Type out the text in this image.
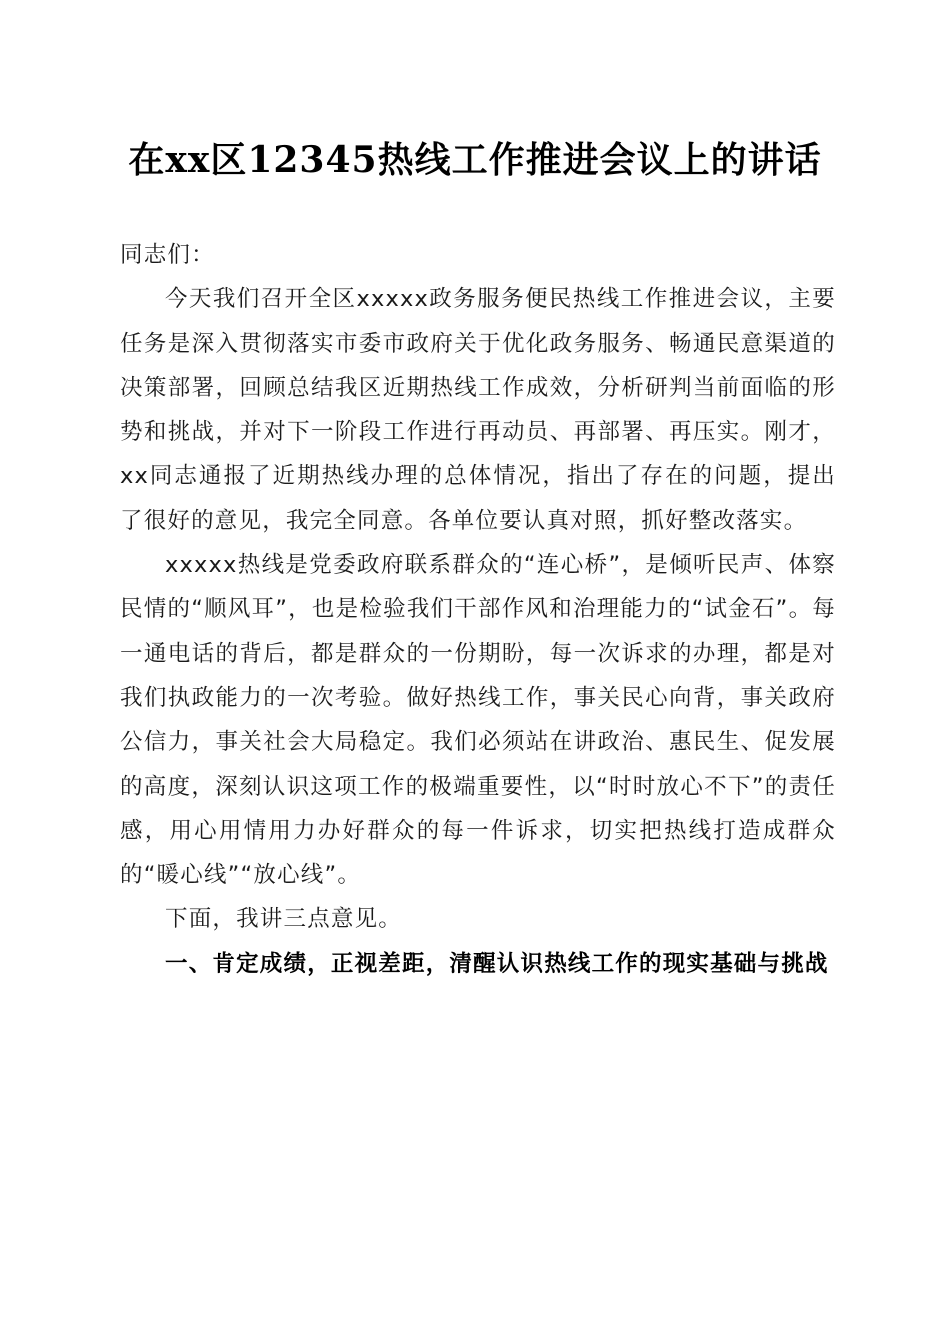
在xx区12345热线工作推进会议上的讲话

同志们：

今天我们召开全区xxxxx政务服务便民热线工作推进会议，主要任务是深入贯彻落实市委市政府关于优化政务服务、畅通民意渠道的决策部署，回顾总结我区近期热线工作成效，分析研判当前面临的形势和挑战，并对下一阶段工作进行再动员、再部署、再压实。刚才，xx同志通报了近期热线办理的总体情况，指出了存在的问题，提出了很好的意见，我完全同意。各单位要认真对照，抓好整改落实。

xxxxx热线是党委政府联系群众的“连心桥”，是倾听民声、体察民情的“顺风耳”，也是检验我们干部作风和治理能力的“试金石”。每一通电话的背后，都是群众的一份期盼，每一次诉求的办理，都是对我们执政能力的一次考验。做好热线工作，事关民心向背，事关政府公信力，事关社会大局稳定。我们必须站在讲政治、惠民生、促发展的高度，深刻认识这项工作的极端重要性，以“时时放心不下”的责任感，用心用情用力办好群众的每一件诉求，切实把热线打造成群众的“暖心线”“放心线”。

下面，我讲三点意见。

一、肯定成绩，正视差距，清醒认识热线工作的现实基础与挑战
